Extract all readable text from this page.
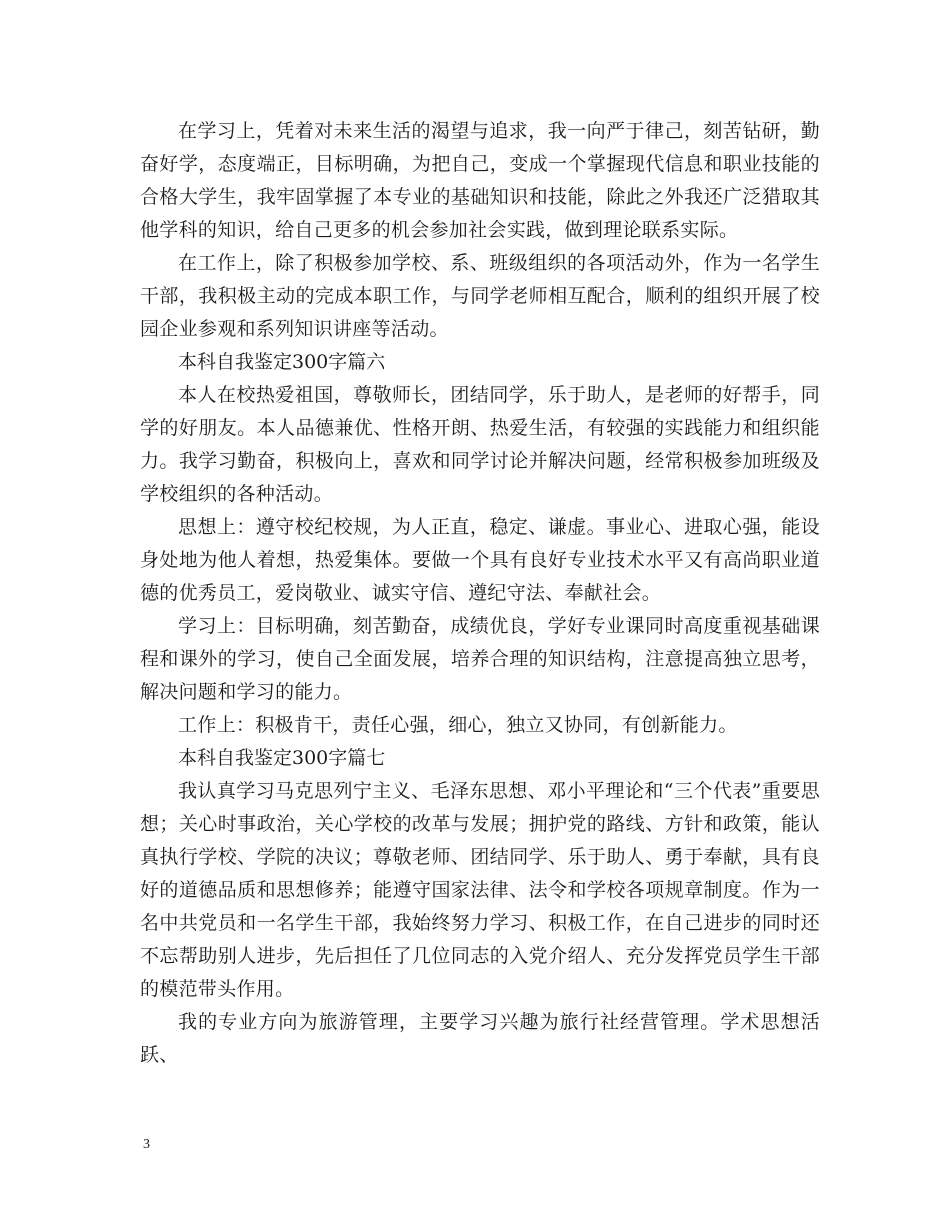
在学习上，凭着对未来生活的渴望与追求，我一向严于律己，刻苦钻研，勤奋好学，态度端正，目标明确，为把自己，变成一个掌握现代信息和职业技能的合格大学生，我牢固掌握了本专业的基础知识和技能，除此之外我还广泛猎取其他学科的知识，给自己更多的机会参加社会实践，做到理论联系实际。

在工作上，除了积极参加学校、系、班级组织的各项活动外，作为一名学生干部，我积极主动的完成本职工作，与同学老师相互配合，顺利的组织开展了校园企业参观和系列知识讲座等活动。

本科自我鉴定300字篇六

本人在校热爱祖国，尊敬师长，团结同学，乐于助人，是老师的好帮手，同学的好朋友。本人品德兼优、性格开朗、热爱生活，有较强的实践能力和组织能力。我学习勤奋，积极向上，喜欢和同学讨论并解决问题，经常积极参加班级及学校组织的各种活动。

思想上：遵守校纪校规，为人正直，稳定、谦虚。事业心、进取心强，能设身处地为他人着想，热爱集体。要做一个具有良好专业技术水平又有高尚职业道德的优秀员工，爱岗敬业、诚实守信、遵纪守法、奉献社会。

学习上：目标明确，刻苦勤奋，成绩优良，学好专业课同时高度重视基础课程和课外的学习，使自己全面发展，培养合理的知识结构，注意提高独立思考，解决问题和学习的能力。

工作上：积极肯干，责任心强，细心，独立又协同，有创新能力。

本科自我鉴定300字篇七

我认真学习马克思列宁主义、毛泽东思想、邓小平理论和“三个代表”重要思想；关心时事政治，关心学校的改革与发展；拥护党的路线、方针和政策，能认真执行学校、学院的决议；尊敬老师、团结同学、乐于助人、勇于奉献，具有良好的道德品质和思想修养；能遵守国家法律、法令和学校各项规章制度。作为一名中共党员和一名学生干部，我始终努力学习、积极工作，在自己进步的同时还不忘帮助别人进步，先后担任了几位同志的入党介绍人、充分发挥党员学生干部的模范带头作用。

我的专业方向为旅游管理，主要学习兴趣为旅行社经营管理。学术思想活跃、

3
